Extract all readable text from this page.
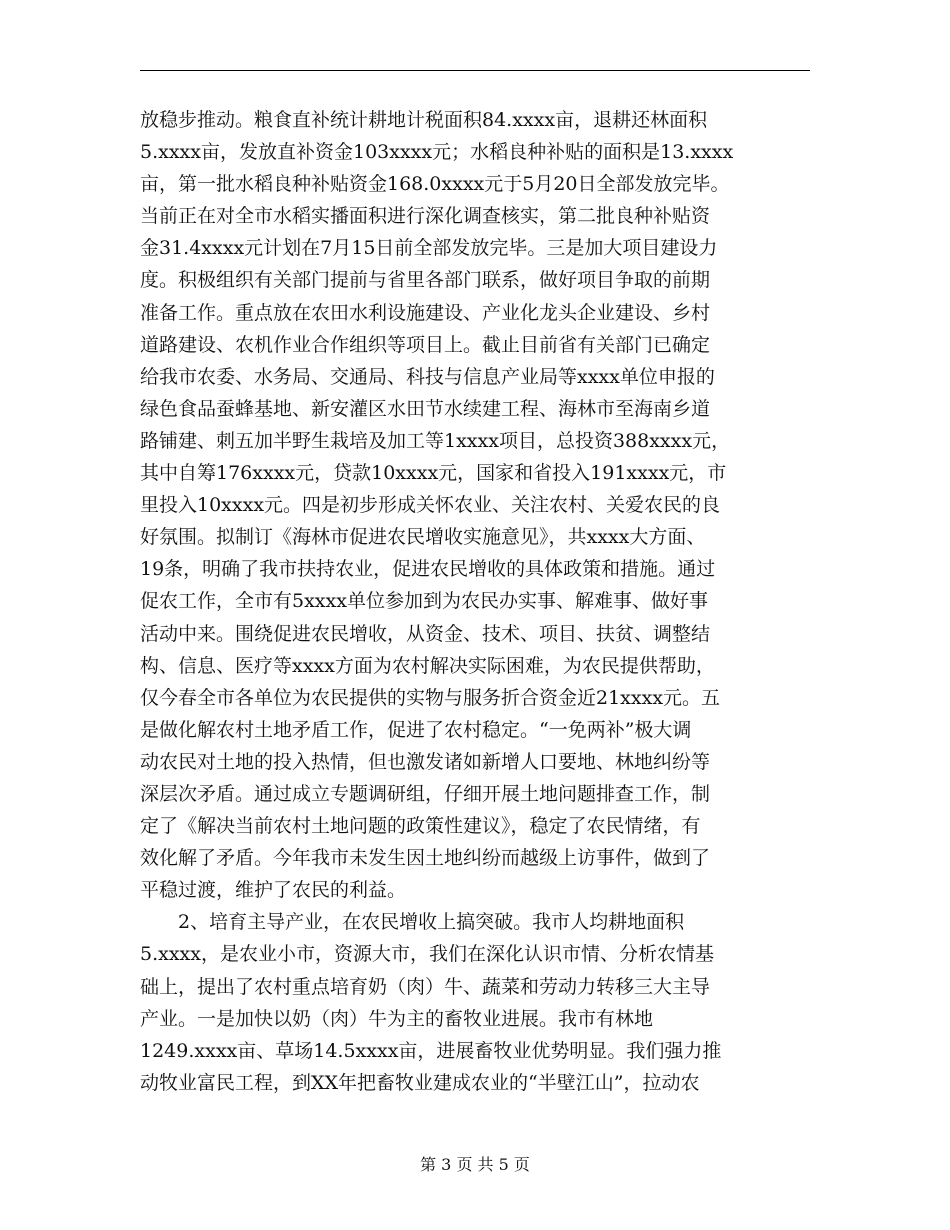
放稳步推动。粮食直补统计耕地计税面积84.xxxx亩，退耕还林面积
5.xxxx亩，发放直补资金103xxxx元；水稻良种补贴的面积是13.xxxx
亩，第一批水稻良种补贴资金168.0xxxx元于5月20日全部发放完毕。
当前正在对全市水稻实播面积进行深化调查核实，第二批良种补贴资
金31.4xxxx元计划在7月15日前全部发放完毕。三是加大项目建设力
度。积极组织有关部门提前与省里各部门联系，做好项目争取的前期
准备工作。重点放在农田水利设施建设、产业化龙头企业建设、乡村
道路建设、农机作业合作组织等项目上。截止目前省有关部门已确定
给我市农委、水务局、交通局、科技与信息产业局等xxxx单位申报的
绿色食品蚕蜂基地、新安灌区水田节水续建工程、海林市至海南乡道
路铺建、刺五加半野生栽培及加工等1xxxx项目，总投资388xxxx元，
其中自筹176xxxx元，贷款10xxxx元，国家和省投入191xxxx元，市
里投入10xxxx元。四是初步形成关怀农业、关注农村、关爱农民的良
好氛围。拟制订《海林市促进农民增收实施意见》，共xxxx大方面、
19条，明确了我市扶持农业，促进农民增收的具体政策和措施。通过
促农工作，全市有5xxxx单位参加到为农民办实事、解难事、做好事
活动中来。围绕促进农民增收，从资金、技术、项目、扶贫、调整结
构、信息、医疗等xxxx方面为农村解决实际困难，为农民提供帮助，
仅今春全市各单位为农民提供的实物与服务折合资金近21xxxx元。五
是做化解农村土地矛盾工作，促进了农村稳定。“一免两补”极大调
动农民对土地的投入热情，但也激发诸如新增人口要地、林地纠纷等
深层次矛盾。通过成立专题调研组，仔细开展土地问题排查工作，制
定了《解决当前农村土地问题的政策性建议》，稳定了农民情绪，有
效化解了矛盾。今年我市未发生因土地纠纷而越级上访事件，做到了
平稳过渡，维护了农民的利益。
　　2、培育主导产业，在农民增收上搞突破。我市人均耕地面积
5.xxxx，是农业小市，资源大市，我们在深化认识市情、分析农情基
础上，提出了农村重点培育奶（肉）牛、蔬菜和劳动力转移三大主导
产业。一是加快以奶（肉）牛为主的畜牧业进展。我市有林地
1249.xxxx亩、草场14.5xxxx亩，进展畜牧业优势明显。我们强力推
动牧业富民工程，到XX年把畜牧业建成农业的“半壁江山”，拉动农
第 3 页 共 5 页
